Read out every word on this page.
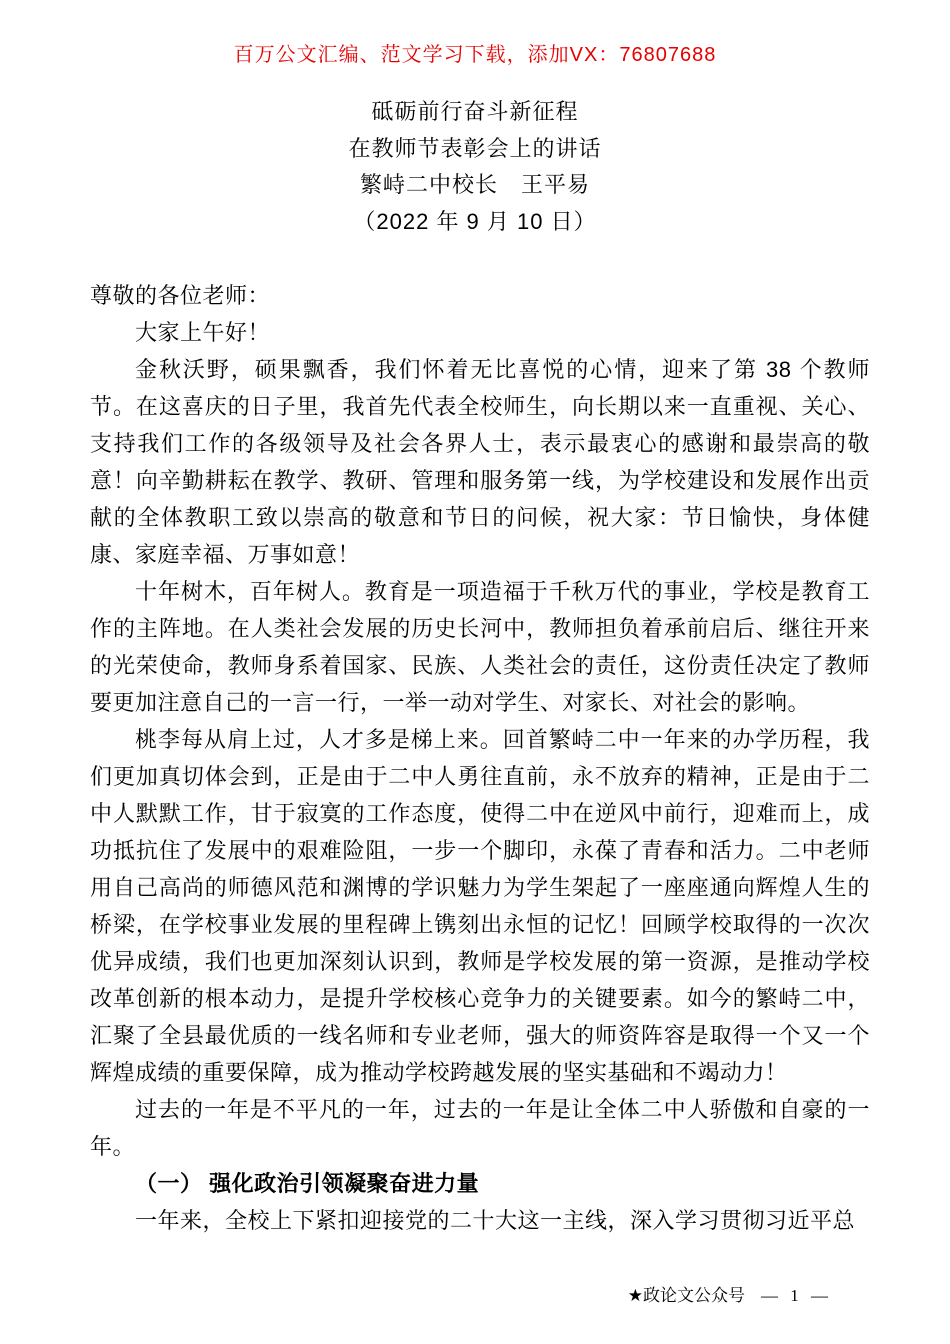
百万公文汇编、范文学习下载，添加VX：76807688
砥砺前行奋斗新征程
在教师节表彰会上的讲话
繁峙二中校长　王平易
（2022 年 9 月 10 日）

尊敬的各位老师：

大家上午好！

金秋沃野，硕果飘香，我们怀着无比喜悦的心情，迎来了第 38 个教师节。在这喜庆的日子里，我首先代表全校师生，向长期以来一直重视、关心、支持我们工作的各级领导及社会各界人士，表示最衷心的感谢和最崇高的敬意！向辛勤耕耘在教学、教研、管理和服务第一线，为学校建设和发展作出贡献的全体教职工致以崇高的敬意和节日的问候，祝大家：节日愉快，身体健康、家庭幸福、万事如意！

十年树木，百年树人。教育是一项造福于千秋万代的事业，学校是教育工作的主阵地。在人类社会发展的历史长河中，教师担负着承前启后、继往开来的光荣使命，教师身系着国家、民族、人类社会的责任，这份责任决定了教师要更加注意自己的一言一行，一举一动对学生、对家长、对社会的影响。

桃李每从肩上过，人才多是梯上来。回首繁峙二中一年来的办学历程，我们更加真切体会到，正是由于二中人勇往直前，永不放弃的精神，正是由于二中人默默工作，甘于寂寞的工作态度，使得二中在逆风中前行，迎难而上，成功抵抗住了发展中的艰难险阻，一步一个脚印，永葆了青春和活力。二中老师用自己高尚的师德风范和渊博的学识魅力为学生架起了一座座通向辉煌人生的桥梁，在学校事业发展的里程碑上镌刻出永恒的记忆！回顾学校取得的一次次优异成绩，我们也更加深刻认识到，教师是学校发展的第一资源，是推动学校改革创新的根本动力，是提升学校核心竞争力的关键要素。如今的繁峙二中，汇聚了全县最优质的一线名师和专业老师，强大的师资阵容是取得一个又一个辉煌成绩的重要保障，成为推动学校跨越发展的坚实基础和不竭动力！

过去的一年是不平凡的一年，过去的一年是让全体二中人骄傲和自豪的一年。

（一） 强化政治引领凝聚奋进力量

一年来，全校上下紧扣迎接党的二十大这一主线，深入学习贯彻习近平总

★政论文公众号 — 1 —
